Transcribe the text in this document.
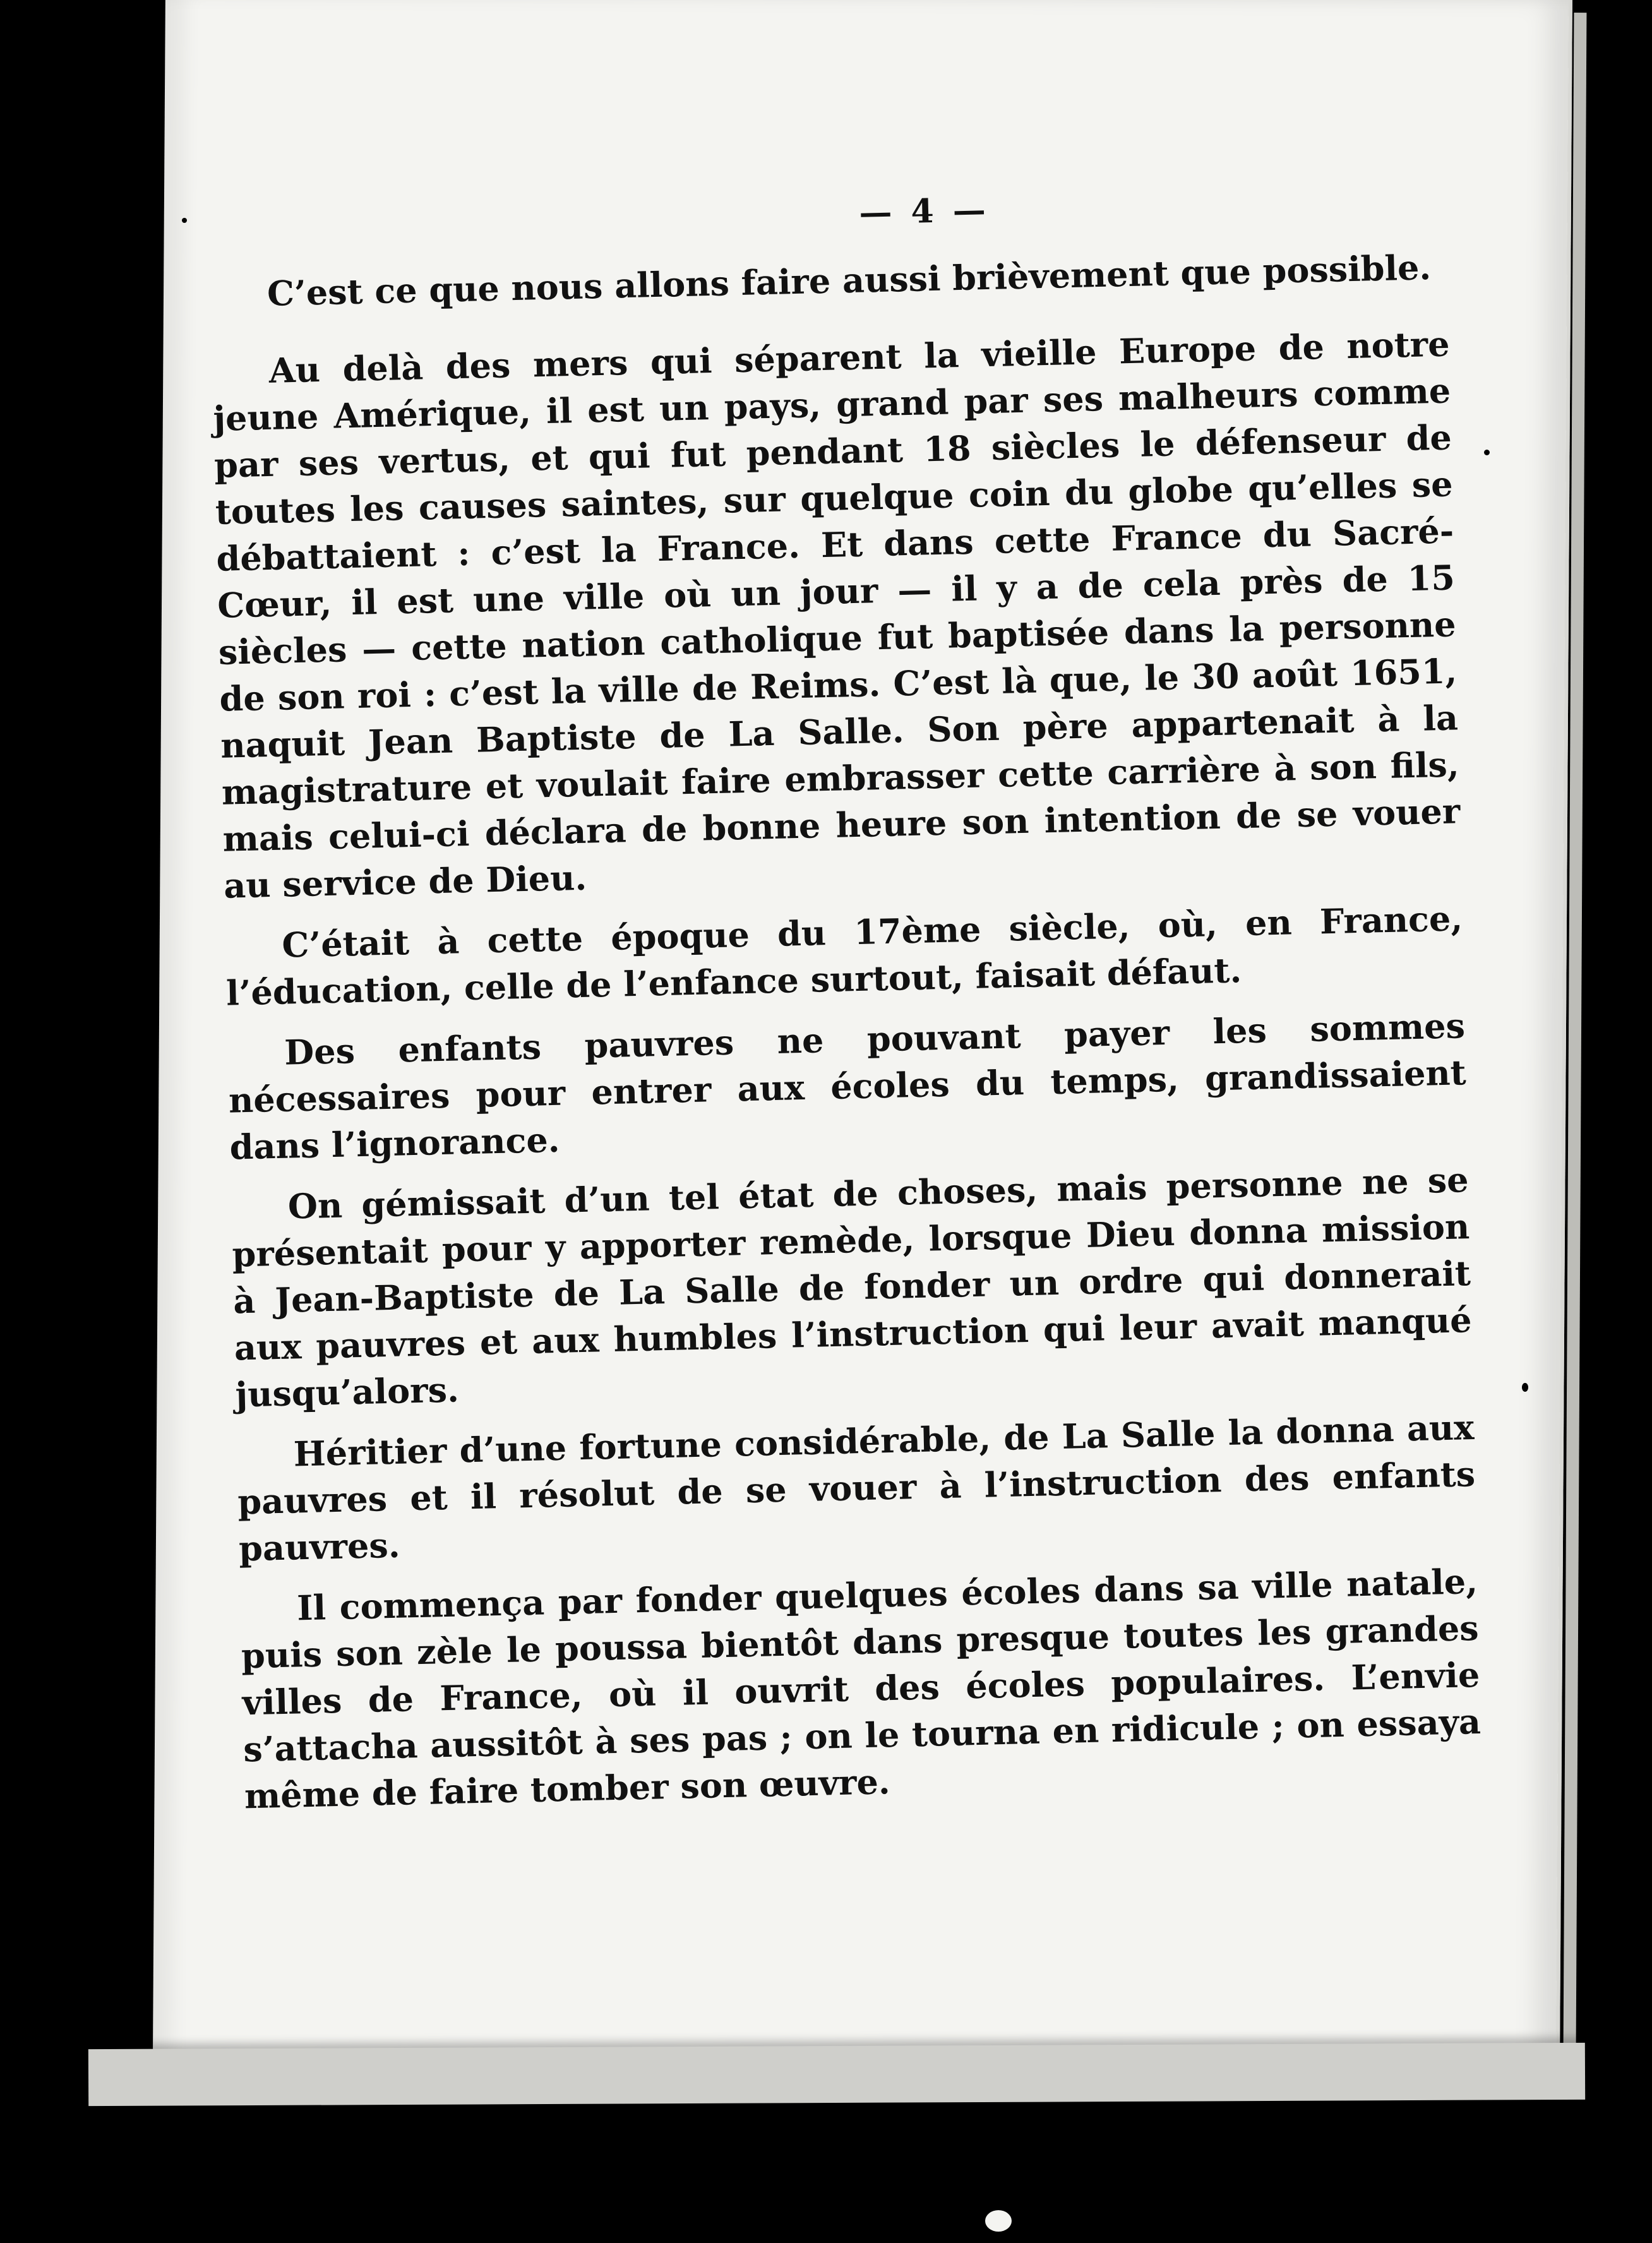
— 4 —

C’est ce que nous allons faire aussi brièvement que possible.

Au delà des mers qui séparent la vieille Europe de notre jeune Amérique, il est un pays, grand par ses malheurs comme par ses vertus, et qui fut pendant 18 siècles le défenseur de toutes les causes saintes, sur quelque coin du globe qu’elles se débattaient : c’est la France. Et dans cette France du Sacré-Cœur, il est une ville où un jour — il y a de cela près de 15 siècles — cette nation catholique fut baptisée dans la personne de son roi : c’est la ville de Reims. C’est là que, le 30 août 1651, naquit Jean Baptiste de La Salle. Son père appartenait à la magistrature et voulait faire embrasser cette carrière à son fils, mais celui-ci déclara de bonne heure son intention de se vouer au service de Dieu.

C’était à cette époque du 17ème siècle, où, en France, l’éducation, celle de l’enfance surtout, faisait défaut.

Des enfants pauvres ne pouvant payer les sommes nécessaires pour entrer aux écoles du temps, grandissaient dans l’ignorance.

On gémissait d’un tel état de choses, mais personne ne se présentait pour y apporter remède, lorsque Dieu donna mission à Jean-Baptiste de La Salle de fonder un ordre qui donnerait aux pauvres et aux humbles l’instruction qui leur avait manqué jusqu’alors.

Héritier d’une fortune considérable, de La Salle la donna aux pauvres et il résolut de se vouer à l’instruction des enfants pauvres.

Il commença par fonder quelques écoles dans sa ville natale, puis son zèle le poussa bientôt dans presque toutes les grandes villes de France, où il ouvrit des écoles populaires. L’envie s’attacha aussitôt à ses pas ; on le tourna en ridicule ; on essaya même de faire tomber son œuvre.
